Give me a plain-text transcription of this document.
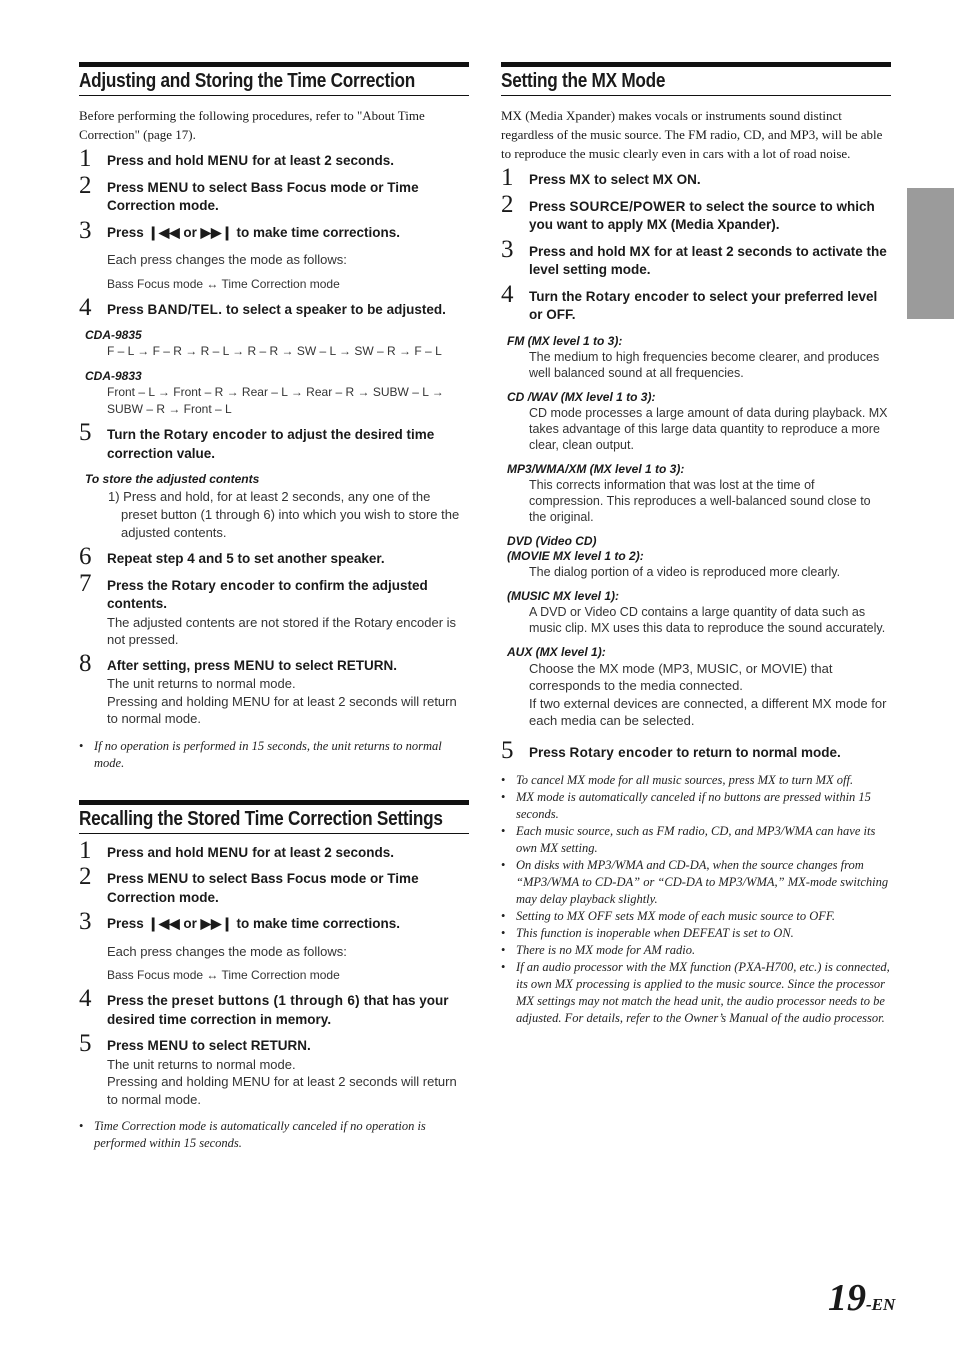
Adjusting and Storing the Time Correction

Before performing the following procedures, refer to "About Time Correction" (page 17).

1 Press and hold MENU for at least 2 seconds.
2 Press MENU to select Bass Focus mode or Time Correction mode.
3 Press ❙◀◀ or ▶▶❙ to make time corrections.
Each press changes the mode as follows:
Bass Focus mode ↔ Time Correction mode
4 Press BAND/TEL. to select a speaker to be adjusted.
CDA-9835
F – L → F – R → R – L → R – R → SW – L → SW – R → F – L
CDA-9833
Front – L → Front – R → Rear – L → Rear – R → SUBW – L → SUBW – R → Front – L
5 Turn the Rotary encoder to adjust the desired time correction value.
To store the adjusted contents
1) Press and hold, for at least 2 seconds, any one of the preset button (1 through 6) into which you wish to store the adjusted contents.
6 Repeat step 4 and 5 to set another speaker.
7 Press the Rotary encoder to confirm the adjusted contents.
The adjusted contents are not stored if the Rotary encoder is not pressed.
8 After setting, press MENU to select RETURN.
The unit returns to normal mode.
Pressing and holding MENU for at least 2 seconds will return to normal mode.
• If no operation is performed in 15 seconds, the unit returns to normal mode.
Recalling the Stored Time Correction Settings
1 Press and hold MENU for at least 2 seconds.
2 Press MENU to select Bass Focus mode or Time Correction mode.
3 Press ❙◀◀ or ▶▶❙ to make time corrections.
Each press changes the mode as follows:
Bass Focus mode ↔ Time Correction mode
4 Press the preset buttons (1 through 6) that has your desired time correction in memory.
5 Press MENU to select RETURN.
The unit returns to normal mode.
Pressing and holding MENU for at least 2 seconds will return to normal mode.
• Time Correction mode is automatically canceled if no operation is performed within 15 seconds.
Setting the MX Mode

MX (Media Xpander) makes vocals or instruments sound distinct regardless of the music source. The FM radio, CD, and MP3, will be able to reproduce the music clearly even in cars with a lot of road noise.

1 Press MX to select MX ON.
2 Press SOURCE/POWER to select the source to which you want to apply MX (Media Xpander).
3 Press and hold MX for at least 2 seconds to activate the level setting mode.
4 Turn the Rotary encoder to select your preferred level or OFF.
FM (MX level 1 to 3):
The medium to high frequencies become clearer, and produces well balanced sound at all frequencies.
CD /WAV (MX level 1 to 3):
CD mode processes a large amount of data during playback. MX takes advantage of this large data quantity to reproduce a more clear, clean output.
MP3/WMA/XM (MX level 1 to 3):
This corrects information that was lost at the time of compression. This reproduces a well-balanced sound close to the original.
DVD (Video CD)
(MOVIE MX level 1 to 2):
The dialog portion of a video is reproduced more clearly.
(MUSIC MX level 1):
A DVD or Video CD contains a large quantity of data such as music clip. MX uses this data to reproduce the sound accurately.
AUX (MX level 1):
Choose the MX mode (MP3, MUSIC, or MOVIE) that corresponds to the media connected.
If two external devices are connected, a different MX mode for each media can be selected.
5 Press Rotary encoder to return to normal mode.
• To cancel MX mode for all music sources, press MX to turn MX off.
• MX mode is automatically canceled if no buttons are pressed within 15 seconds.
• Each music source, such as FM radio, CD, and MP3/WMA can have its own MX setting.
• On disks with MP3/WMA and CD-DA, when the source changes from “MP3/WMA to CD-DA” or “CD-DA to MP3/WMA,” MX-mode switching may delay playback slightly.
• Setting to MX OFF sets MX mode of each music source to OFF.
• This function is inoperable when DEFEAT is set to ON.
• There is no MX mode for AM radio.
• If an audio processor with the MX function (PXA-H700, etc.) is connected, its own MX processing is applied to the music source. Since the processor MX settings may not match the head unit, the audio processor needs to be adjusted. For details, refer to the Owner’s Manual of the audio processor.
19-EN
